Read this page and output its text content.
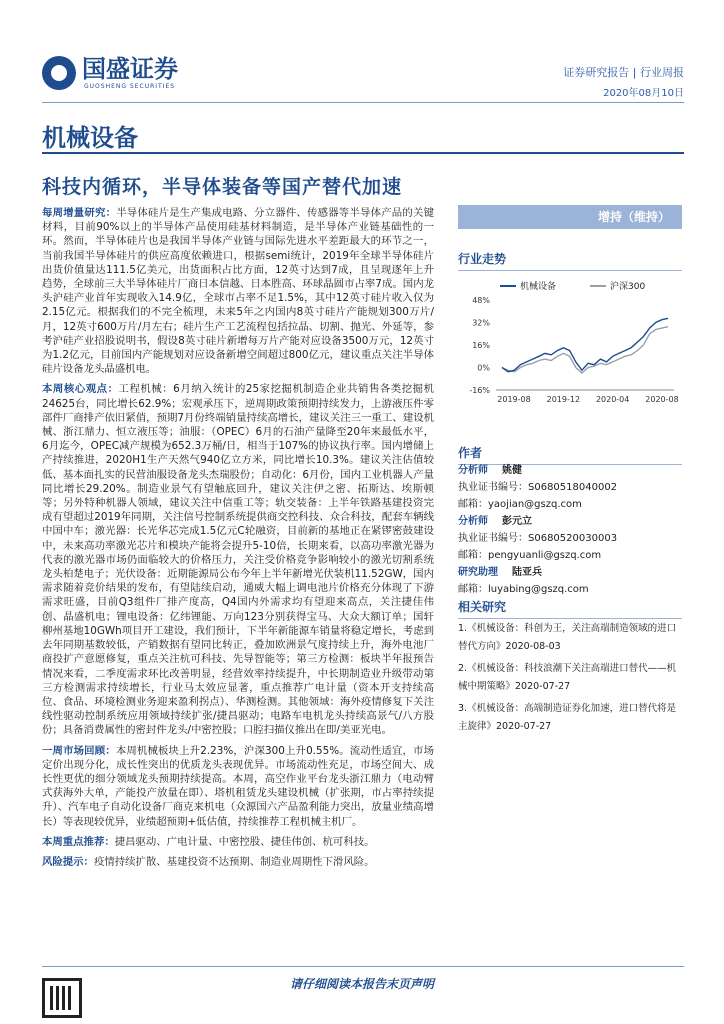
国盛证券
GUOSHENG SECURITIES
证券研究报告 | 行业周报
2020年08月10日
机械设备
科技内循环，半导体装备等国产替代加速

每周增量研究：半导体硅片是生产集成电路、分立器件、传感器等半导体产品的关键材料，目前90%以上的半导体产品使用硅基材料制造，是半导体产业链基础性的一环。然而，半导体硅片也是我国半导体产业链与国际先进水平差距最大的环节之一，当前我国半导体硅片的供应高度依赖进口，根据semi统计，2019年全球半导体硅片出货价值量达111.5亿美元，出货面积占比方面，12英寸达到7成，且呈现逐年上升趋势，全球前三大半导体硅片厂商日本信越、日本胜高、环球晶圆市占率7成。国内龙头沪硅产业首年实现收入14.9亿，全球市占率不足1.5%，其中12英寸硅片收入仅为2.15亿元。根据我们的不完全梳理，未来5年之内国内8英寸硅片产能规划300万片/月，12英寸600万片/月左右；硅片生产工艺流程包括拉晶、切割、抛光、外延等，参考沪硅产业招股说明书，假设8英寸硅片新增每万片产能对应设备3500万元，12英寸为1.2亿元，目前国内产能规划对应设备新增空间超过800亿元，建议重点关注半导体硅片设备龙头晶盛机电。

本周核心观点：工程机械：6月纳入统计的25家挖掘机制造企业共销售各类挖掘机24625台，同比增长62.9%；宏观承压下，逆周期政策预期持续发力，上游液压件零部件厂商排产依旧紧俏，预期7月份终端销量持续高增长，建议关注三一重工、建设机械、浙江鼎力、恒立液压等；油服：（OPEC）6月的石油产量降至20年来最低水平，6月迄今，OPEC减产规模为652.3万桶/日，相当于107%的协议执行率。国内增储上产持续推进，2020H1生产天然气940亿立方米，同比增长10.3%。建议关注估值较低、基本面扎实的民营油服设备龙头杰瑞股份；自动化：6月份，国内工业机器人产量同比增长29.20%。制造业景气有望触底回升，建议关注伊之密、拓斯达、埃斯顿等；另外特种机器人领域，建议关注中信重工等；轨交装备：上半年铁路基建投资完成有望超过2019年同期，关注信号控制系统提供商交控科技、众合科技，配套车辆线中国中车；激光器：长光华芯完成1.5亿元C轮融资，目前新的基地正在紧锣密鼓建设中，未来高功率激光芯片和模块产能将会提升5-10倍，长期来看，以高功率激光器为代表的激光器市场仍面临较大的价格压力，关注受价格竞争影响较小的激光切割系统龙头柏楚电子；光伏设备：近期能源局公布今年上半年新增光伏装机11.52GW，国内需求随着竞价结果的发布，有望陆续启动，通威大幅上调电池片价格充分体现了下游需求旺盛，目前Q3组件厂排产度高，Q4国内外需求均有望迎来高点，关注捷佳伟创、晶盛机电；锂电设备：亿纬锂能、万向123分别获得宝马、大众大额订单；国轩柳州基地10GWh项目开工建设，我们预计，下半年新能源车销量将稳定增长，考虑到去年同期基数较低，产销数据有望同比转正，叠加欧洲景气度持续上升，海外电池厂商投扩产意愿修复，重点关注杭可科技、先导智能等；第三方检测：板块半年报预告情况来看，二季度需求环比改善明显，经营效率持续提升，中长期制造业升级带动第三方检测需求持续增长，行业马太效应显著，重点推荐广电计量（资本开支持续高位、食品、环境检测业务迎来盈利拐点）、华测检测。其他领域：海外疫情修复下关注线性驱动控制系统应用领域持续扩张/捷昌驱动；电路车电机龙头持续高景气/八方股份；具备消费属性的密封件龙头/中密控股；口腔扫描仪推出在即/美亚光电。

一周市场回顾：本周机械板块上升2.23%，沪深300上升0.55%。流动性适宜，市场定价出现分化，成长性突出的优质龙头表现优异。市场流动性充足，市场空间大、成长性更优的细分领域龙头预期持续提高。本周，高空作业平台龙头浙江鼎力（电动臂式获海外大单，产能投产放量在即）、塔机租赁龙头建设机械（扩张期，市占率持续提升）、汽车电子自动化设备厂商克来机电（众源国六产品盈利能力突出，放量业绩高增长）等表现较优异，业绩超预期+低估值，持续推荐工程机械主机厂。

本周重点推荐：捷昌驱动、广电计量、中密控股、捷佳伟创、杭可科技。

风险提示：疫情持续扩散、基建投资不达预期、制造业周期性下滑风险。

增持（维持）
行业走势
机械设备	沪深300
48%
32%
16%
0%
-16%
2019-08 2019-12 2020-04 2020-08
作者
分析师 姚健
执业证书编号：S0680518040002
邮箱：yaojian@gszq.com
分析师 彭元立
执业证书编号：S0680520030003
邮箱：pengyuanli@gszq.com
研究助理 陆亚兵
邮箱：luyabing@gszq.com
相关研究
1.《机械设备：科创为王，关注高端制造领域的进口替代方向》2020-08-03
2.《机械设备：科技浪潮下关注高端进口替代——机械中期策略》2020-07-27
3.《机械设备：高端制造证券化加速，进口替代将是主旋律》2020-07-27
请仔细阅读本报告末页声明
